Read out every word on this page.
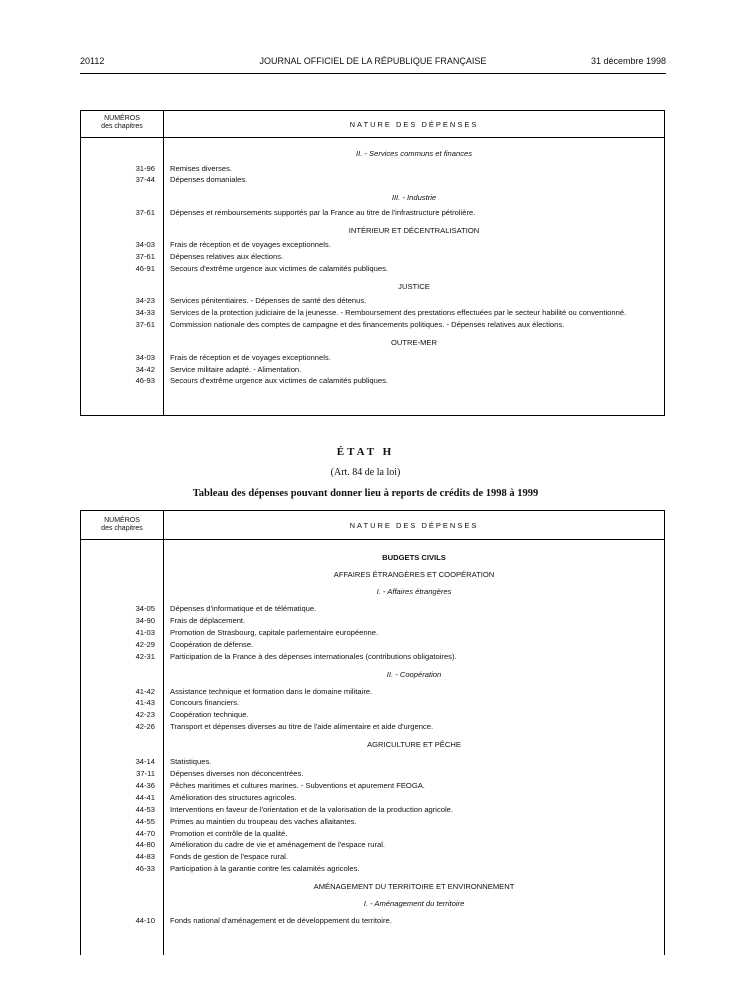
20112	JOURNAL OFFICIEL DE LA RÉPUBLIQUE FRANÇAISE	31 décembre 1998
NUMÉROS
des chapitres	NATURE DES DÉPENSES
II. - Services communs et finances
31-96 Remises diverses.
37-44 Dépenses domaniales.
III. - Industrie
37-61 Dépenses et remboursements supportés par la France au titre de l'infrastructure pétrolière.
INTÉRIEUR ET DÉCENTRALISATION
34-03 Frais de réception et de voyages exceptionnels.
37-61 Dépenses relatives aux élections.
46-91 Secours d'extrême urgence aux victimes de calamités publiques.
JUSTICE
34-23 Services pénitentiaires. - Dépenses de santé des détenus.
34-33 Services de la protection judiciaire de la jeunesse. - Remboursement des prestations effectuées par le secteur habilité ou conventionné.
37-61 Commission nationale des comptes de campagne et des financements politiques. - Dépenses relatives aux élections.
OUTRE-MER
34-03 Frais de réception et de voyages exceptionnels.
34-42 Service militaire adapté. - Alimentation.
46-93 Secours d'extrême urgence aux victimes de calamités publiques.
ÉTAT H
(Art. 84 de la loi)
Tableau des dépenses pouvant donner lieu à reports de crédits de 1998 à 1999
NUMÉROS
des chapitres	NATURE DES DÉPENSES
BUDGETS CIVILS
AFFAIRES ÉTRANGÈRES ET COOPÉRATION
I. - Affaires étrangères
34-05 Dépenses d'informatique et de télématique.
34-90 Frais de déplacement.
41-03 Promotion de Strasbourg, capitale parlementaire européenne.
42-29 Coopération de défense.
42-31 Participation de la France à des dépenses internationales (contributions obligatoires).
II. - Coopération
41-42 Assistance technique et formation dans le domaine militaire.
41-43 Concours financiers.
42-23 Coopération technique.
42-26 Transport et dépenses diverses au titre de l'aide alimentaire et aide d'urgence.
AGRICULTURE ET PÊCHE
34-14 Statistiques.
37-11 Dépenses diverses non déconcentrées.
44-36 Pêches maritimes et cultures marines. - Subventions et apurement FEOGA.
44-41 Amélioration des structures agricoles.
44-53 Interventions en faveur de l'orientation et de la valorisation de la production agricole.
44-55 Primes au maintien du troupeau des vaches allaitantes.
44-70 Promotion et contrôle de la qualité.
44-80 Amélioration du cadre de vie et aménagement de l'espace rural.
44-83 Fonds de gestion de l'espace rural.
46-33 Participation à la garantie contre les calamités agricoles.
AMÉNAGEMENT DU TERRITOIRE ET ENVIRONNEMENT
I. - Aménagement du territoire
44-10 Fonds national d'aménagement et de développement du territoire.
